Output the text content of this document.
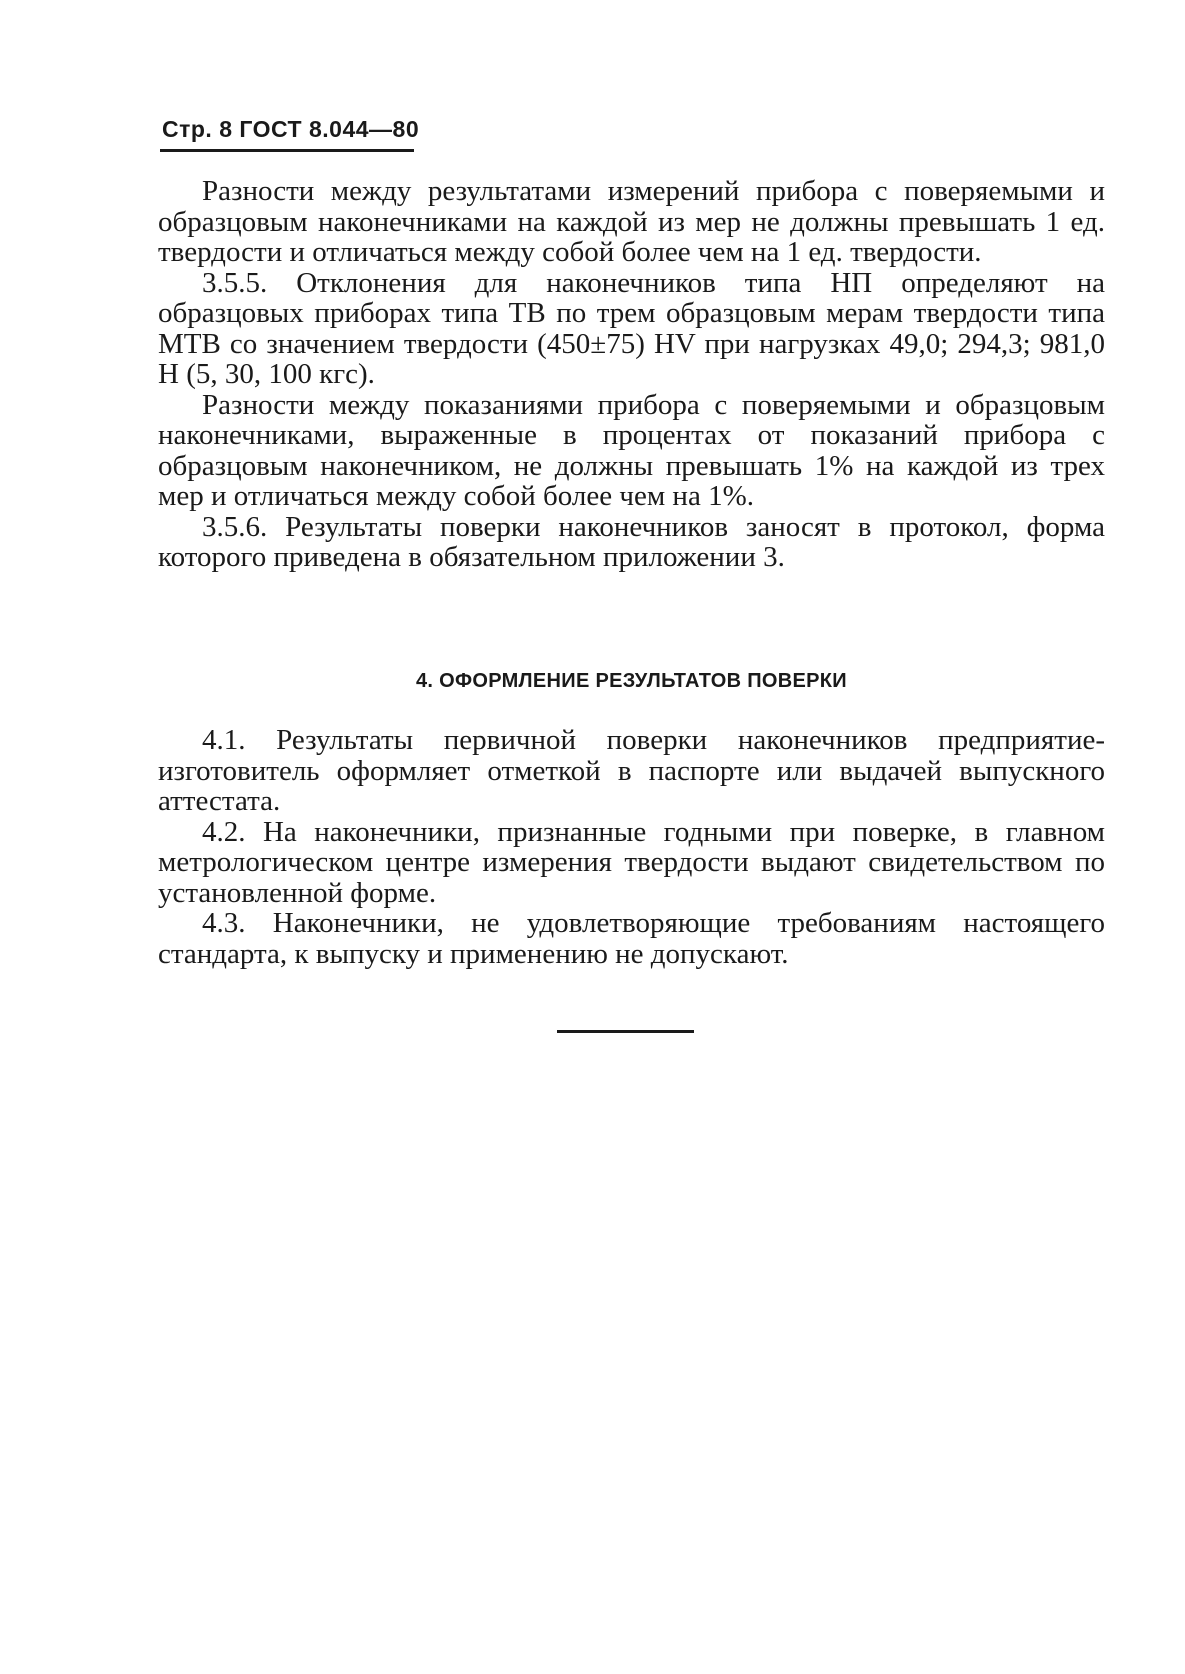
Стр. 8 ГОСТ 8.044—80

Разности между результатами измерений прибора с поверяемыми и образцовым наконечниками на каждой из мер не должны превышать 1 ед. твердости и отличаться между собой более чем на 1 ед. твердости.

3.5.5. Отклонения для наконечников типа НП определяют на образцовых приборах типа ТВ по трем образцовым мерам твердости типа МТВ со значением твердости (450±75) HV при нагрузках 49,0; 294,3; 981,0 Н (5, 30, 100 кгс).

Разности между показаниями прибора с поверяемыми и образцовым наконечниками, выраженные в процентах от показаний прибора с образцовым наконечником, не должны превышать 1% на каждой из трех мер и отличаться между собой более чем на 1%.

3.5.6. Результаты поверки наконечников заносят в протокол, форма которого приведена в обязательном приложении 3.

4. ОФОРМЛЕНИЕ РЕЗУЛЬТАТОВ ПОВЕРКИ

4.1. Результаты первичной поверки наконечников предприятие-изготовитель оформляет отметкой в паспорте или выдачей выпускного аттестата.

4.2. На наконечники, признанные годными при поверке, в главном метрологическом центре измерения твердости выдают свидетельством по установленной форме.

4.3. Наконечники, не удовлетворяющие требованиям настоящего стандарта, к выпуску и применению не допускают.
